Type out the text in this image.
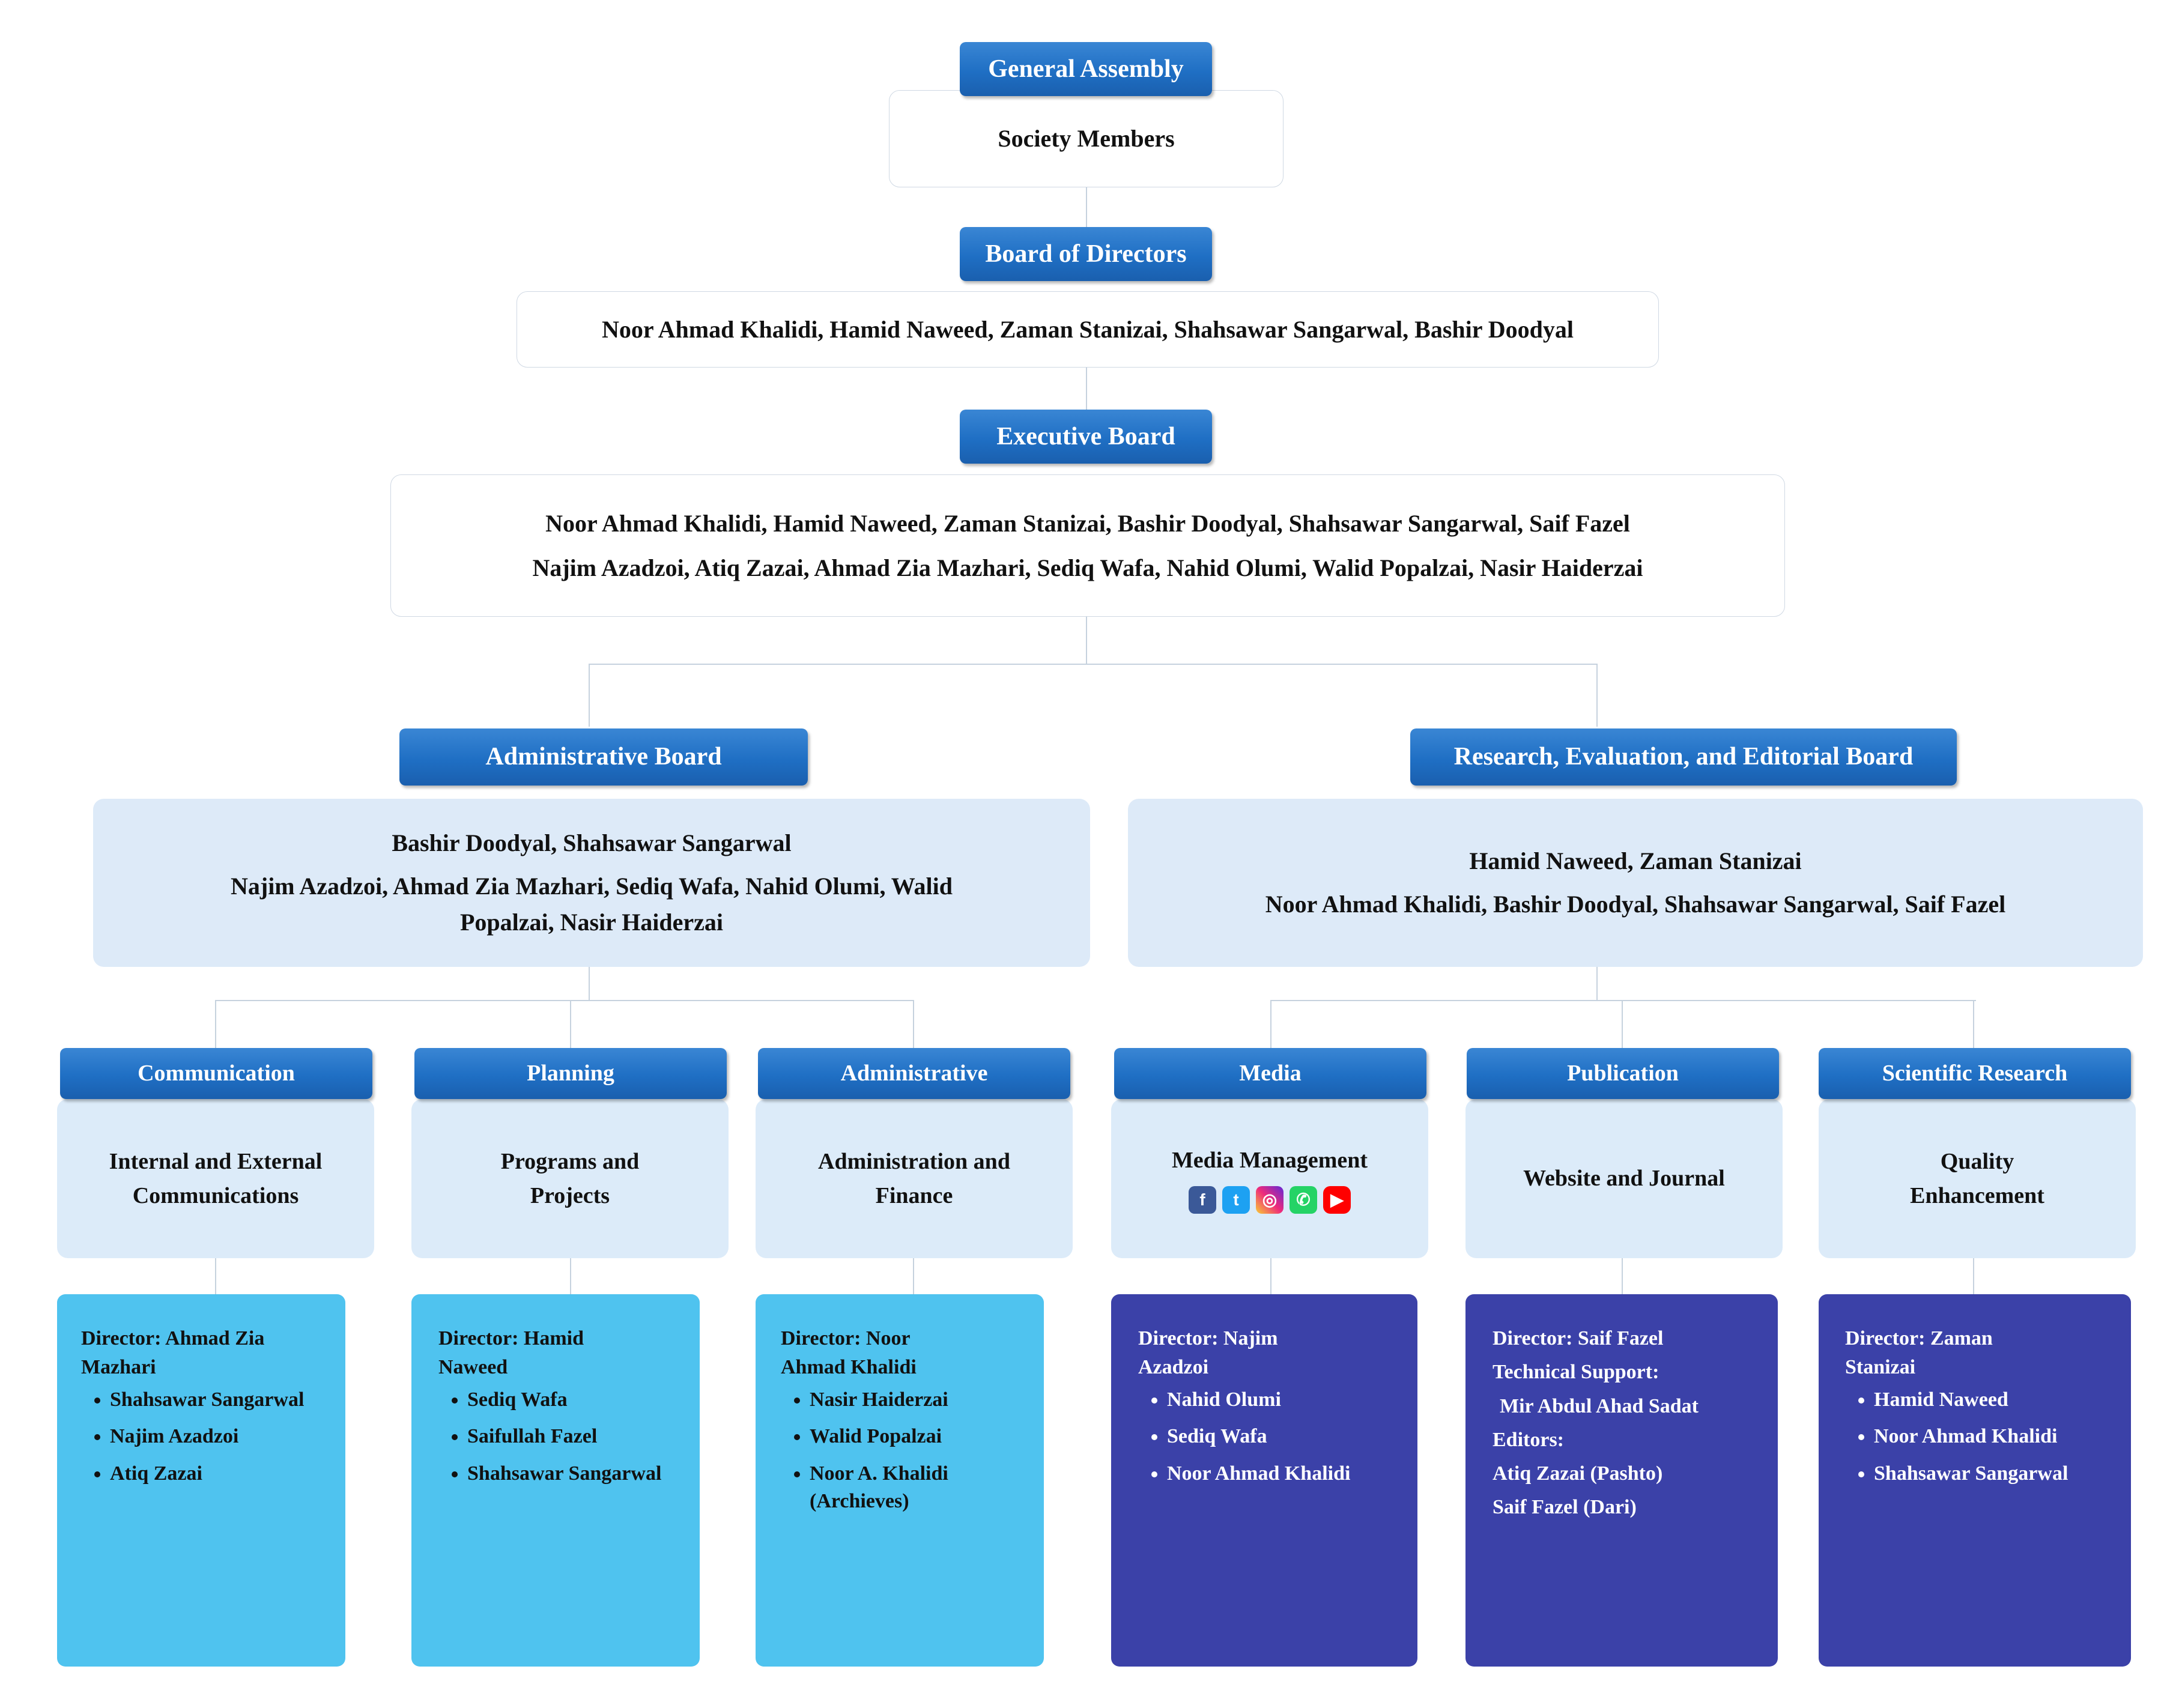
Society Members
General Assembly
Noor Ahmad Khalidi, Hamid Naweed, Zaman Stanizai, Shahsawar Sangarwal, Bashir Doodyal
Board of Directors
Noor Ahmad Khalidi, Hamid Naweed, Zaman Stanizai, Bashir Doodyal, Shahsawar Sangarwal, Saif Fazel
Najim Azadzoi, Atiq Zazai, Ahmad Zia Mazhari, Sediq Wafa, Nahid Olumi, Walid Popalzai, Nasir Haiderzai
Executive Board
Bashir Doodyal, Shahsawar Sangarwal
Najim Azadzoi, Ahmad Zia Mazhari, Sediq Wafa, Nahid Olumi, Walid
Popalzai, Nasir Haiderzai
Administrative Board
Hamid Naweed, Zaman Stanizai
Noor Ahmad Khalidi, Bashir Doodyal, Shahsawar Sangarwal, Saif Fazel
Research, Evaluation, and Editorial Board
Internal and External
Communications
Communication
Programs and
Projects
Planning
Administration and
Finance
Administrative
Media Management
f	t	◎	✆	▶
Media
Website and Journal
Publication
Quality
Enhancement
Scientific Research
Director: Ahmad Zia
Mazhari
• Shahsawar Sangarwal
• Najim Azadzoi
• Atiq Zazai
Director: Hamid
Naweed
• Sediq Wafa
• Saifullah Fazel
• Shahsawar Sangarwal
Director: Noor
Ahmad Khalidi
• Nasir Haiderzai
• Walid Popalzai
• Noor A. Khalidi (Archieves)
Director: Najim
Azadzoi
• Nahid Olumi
• Sediq Wafa
• Noor Ahmad Khalidi
Director: Saif Fazel
Technical Support:
Mir Abdul Ahad Sadat
Editors:
Atiq Zazai (Pashto)
Saif Fazel (Dari)
Director: Zaman
Stanizai
• Hamid Naweed
• Noor Ahmad Khalidi
• Shahsawar Sangarwal
